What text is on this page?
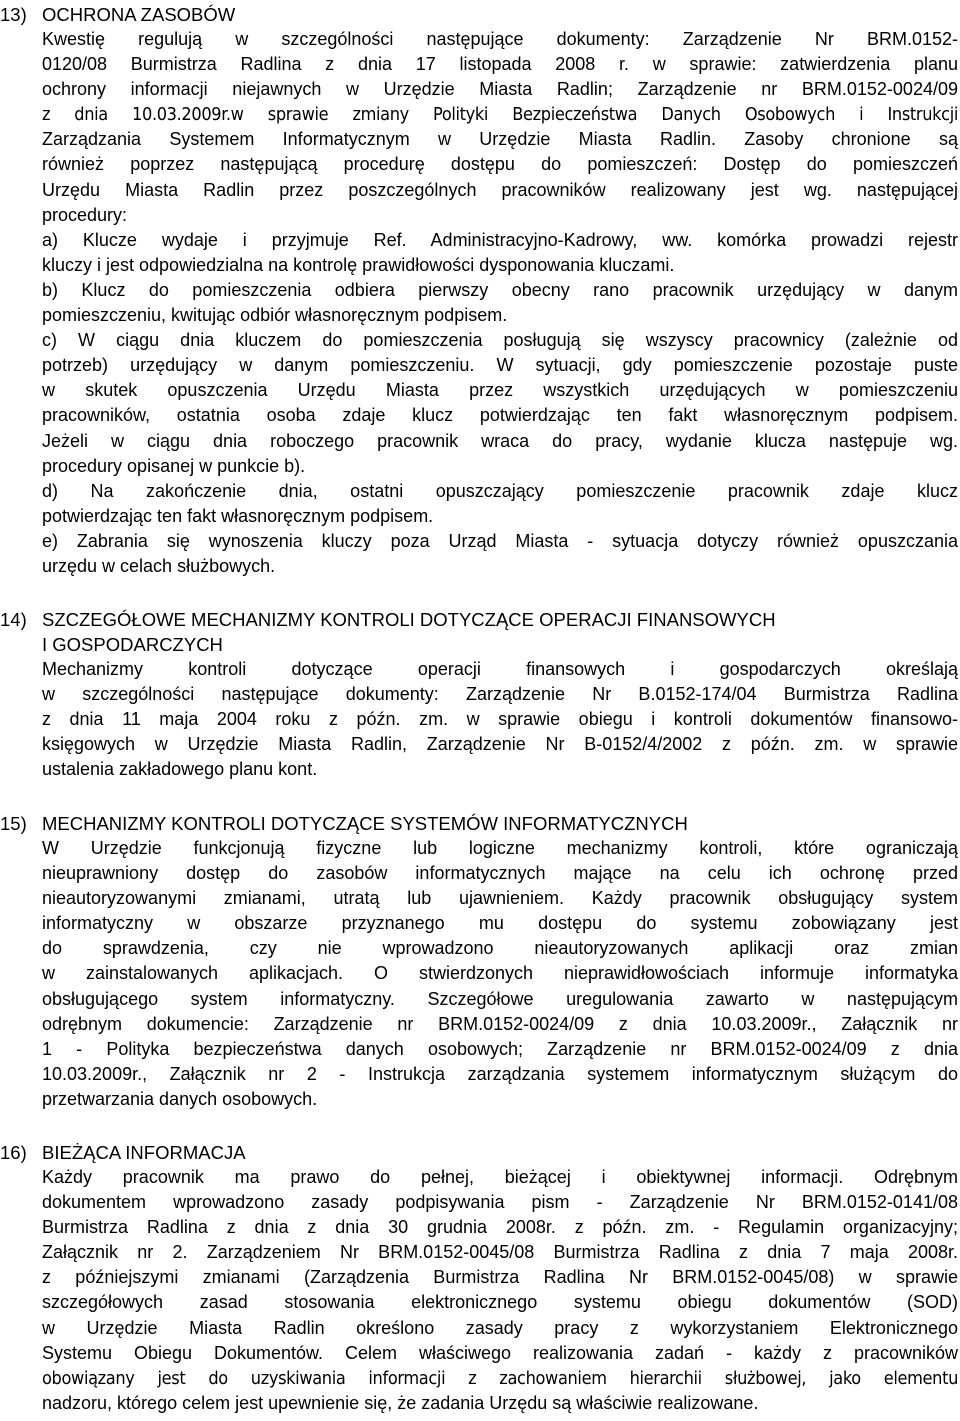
13) OCHRONA ZASOBÓW
Kwestię regulują w szczególności następujące dokumenty: Zarządzenie Nr BRM.0152-
0120/08 Burmistrza Radlina z dnia 17 listopada 2008 r. w sprawie: zatwierdzenia planu
ochrony informacji niejawnych w Urzędzie Miasta Radlin; Zarządzenie nr BRM.0152-0024/09
z dnia 10.03.2009r.w sprawie zmiany Polityki Bezpieczeństwa Danych Osobowych i Instrukcji
Zarządzania Systemem Informatycznym w Urzędzie Miasta Radlin. Zasoby chronione są
również poprzez następującą procedurę dostępu do pomieszczeń: Dostęp do pomieszczeń
Urzędu Miasta Radlin przez poszczególnych pracowników realizowany jest wg. następującej
procedury:
a) Klucze wydaje i przyjmuje Ref. Administracyjno-Kadrowy, ww. komórka prowadzi rejestr
kluczy i jest odpowiedzialna na kontrolę prawidłowości dysponowania kluczami.
b) Klucz do pomieszczenia odbiera pierwszy obecny rano pracownik urzędujący w danym
pomieszczeniu, kwitując odbiór własnoręcznym podpisem.
c) W ciągu dnia kluczem do pomieszczenia posługują się wszyscy pracownicy (zależnie od
potrzeb) urzędujący w danym pomieszczeniu. W sytuacji, gdy pomieszczenie pozostaje puste
w skutek opuszczenia Urzędu Miasta przez wszystkich urzędujących w pomieszczeniu
pracowników, ostatnia osoba zdaje klucz potwierdzając ten fakt własnoręcznym podpisem.
Jeżeli w ciągu dnia roboczego pracownik wraca do pracy, wydanie klucza następuje wg.
procedury opisanej w punkcie b).
d) Na zakończenie dnia, ostatni opuszczający pomieszczenie pracownik zdaje klucz
potwierdzając ten fakt własnoręcznym podpisem.
e) Zabrania się wynoszenia kluczy poza Urząd Miasta - sytuacja dotyczy również opuszczania
urzędu w celach służbowych.
14) SZCZEGÓŁOWE MECHANIZMY KONTROLI DOTYCZĄCE OPERACJI FINANSOWYCH
I GOSPODARCZYCH
Mechanizmy kontroli dotyczące operacji finansowych i gospodarczych określają
w szczególności następujące dokumenty: Zarządzenie Nr B.0152-174/04 Burmistrza Radlina
z dnia 11 maja 2004 roku z późn. zm. w sprawie obiegu i kontroli dokumentów finansowo-
księgowych w Urzędzie Miasta Radlin, Zarządzenie Nr B-0152/4/2002 z późn. zm. w sprawie
ustalenia zakładowego planu kont.
15) MECHANIZMY KONTROLI DOTYCZĄCE SYSTEMÓW INFORMATYCZNYCH
W Urzędzie funkcjonują fizyczne lub logiczne mechanizmy kontroli, które ograniczają
nieuprawniony dostęp do zasobów informatycznych mające na celu ich ochronę przed
nieautoryzowanymi zmianami, utratą lub ujawnieniem. Każdy pracownik obsługujący system
informatyczny w obszarze przyznanego mu dostępu do systemu zobowiązany jest
do sprawdzenia, czy nie wprowadzono nieautoryzowanych aplikacji oraz zmian
w zainstalowanych aplikacjach. O stwierdzonych nieprawidłowościach informuje informatyka
obsługującego system informatyczny. Szczegółowe uregulowania zawarto w następującym
odrębnym dokumencie: Zarządzenie nr BRM.0152-0024/09 z dnia 10.03.2009r., Załącznik nr
1 - Polityka bezpieczeństwa danych osobowych; Zarządzenie nr BRM.0152-0024/09 z dnia
10.03.2009r., Załącznik nr 2 - Instrukcja zarządzania systemem informatycznym służącym do
przetwarzania danych osobowych.
16) BIEŻĄCA INFORMACJA
Każdy pracownik ma prawo do pełnej, bieżącej i obiektywnej informacji. Odrębnym
dokumentem wprowadzono zasady podpisywania pism - Zarządzenie Nr BRM.0152-0141/08
Burmistrza Radlina z dnia z dnia 30 grudnia 2008r. z późn. zm. - Regulamin organizacyjny;
Załącznik nr 2. Zarządzeniem Nr BRM.0152-0045/08 Burmistrza Radlina z dnia 7 maja 2008r.
z późniejszymi zmianami (Zarządzenia Burmistrza Radlina Nr BRM.0152-0045/08) w sprawie
szczegółowych zasad stosowania elektronicznego systemu obiegu dokumentów (SOD)
w Urzędzie Miasta Radlin określono zasady pracy z wykorzystaniem Elektronicznego
Systemu Obiegu Dokumentów. Celem właściwego realizowania zadań - każdy z pracowników
obowiązany jest do uzyskiwania informacji z zachowaniem hierarchii służbowej, jako elementu
nadzoru, którego celem jest upewnienie się, że zadania Urzędu są właściwie realizowane.
